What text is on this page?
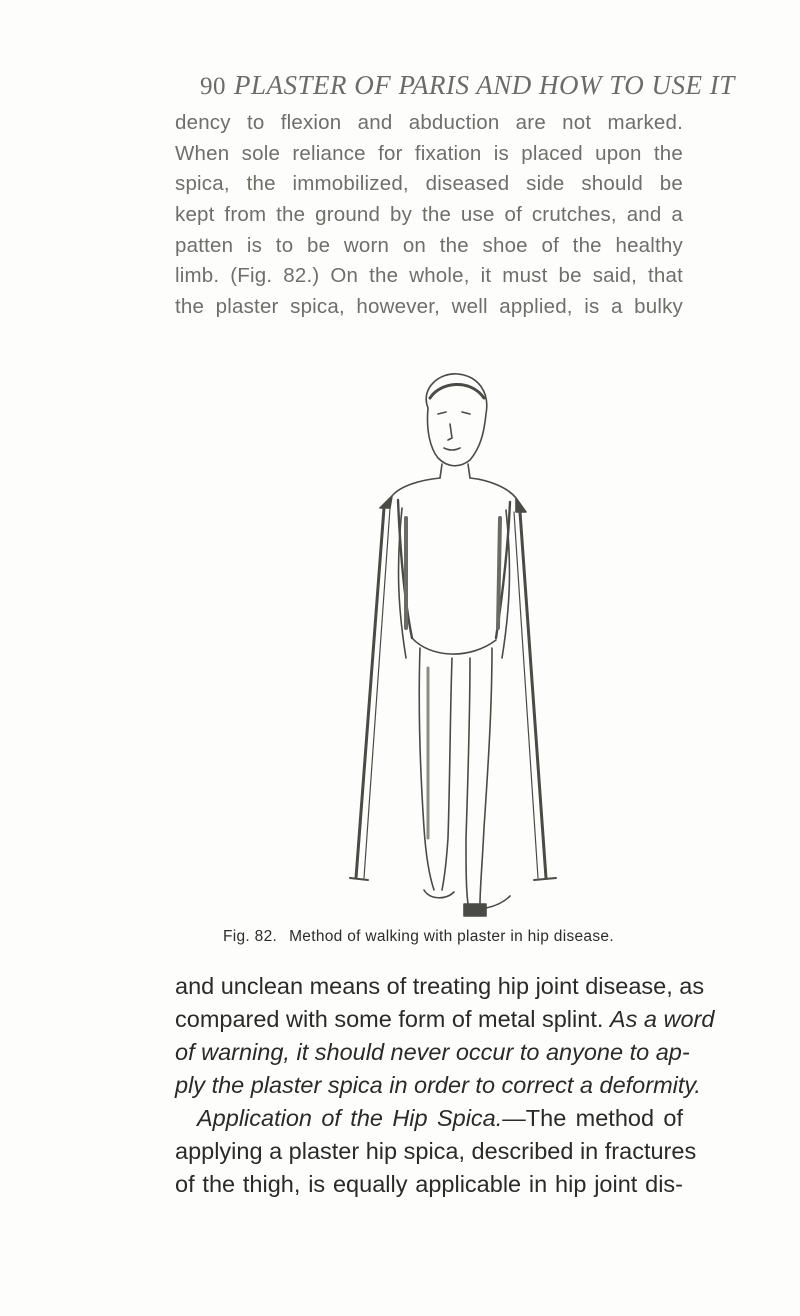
90 PLASTER OF PARIS AND HOW TO USE IT
dency to flexion and abduction are not marked.
When sole reliance for fixation is placed upon the
spica, the immobilized, diseased side should be
kept from the ground by the use of crutches, and a
patten is to be worn on the shoe of the healthy
limb. (Fig. 82.) On the whole, it must be said, that
the plaster spica, however, well applied, is a bulky
Fig. 82. Method of walking with plaster in hip disease.
and unclean means of treating hip joint disease, as
compared with some form of metal splint. As a word
of warning, it should never occur to anyone to ap-
ply the plaster spica in order to correct a deformity.
Application of the Hip Spica.—The method of
applying a plaster hip spica, described in fractures
of the thigh, is equally applicable in hip joint dis-
